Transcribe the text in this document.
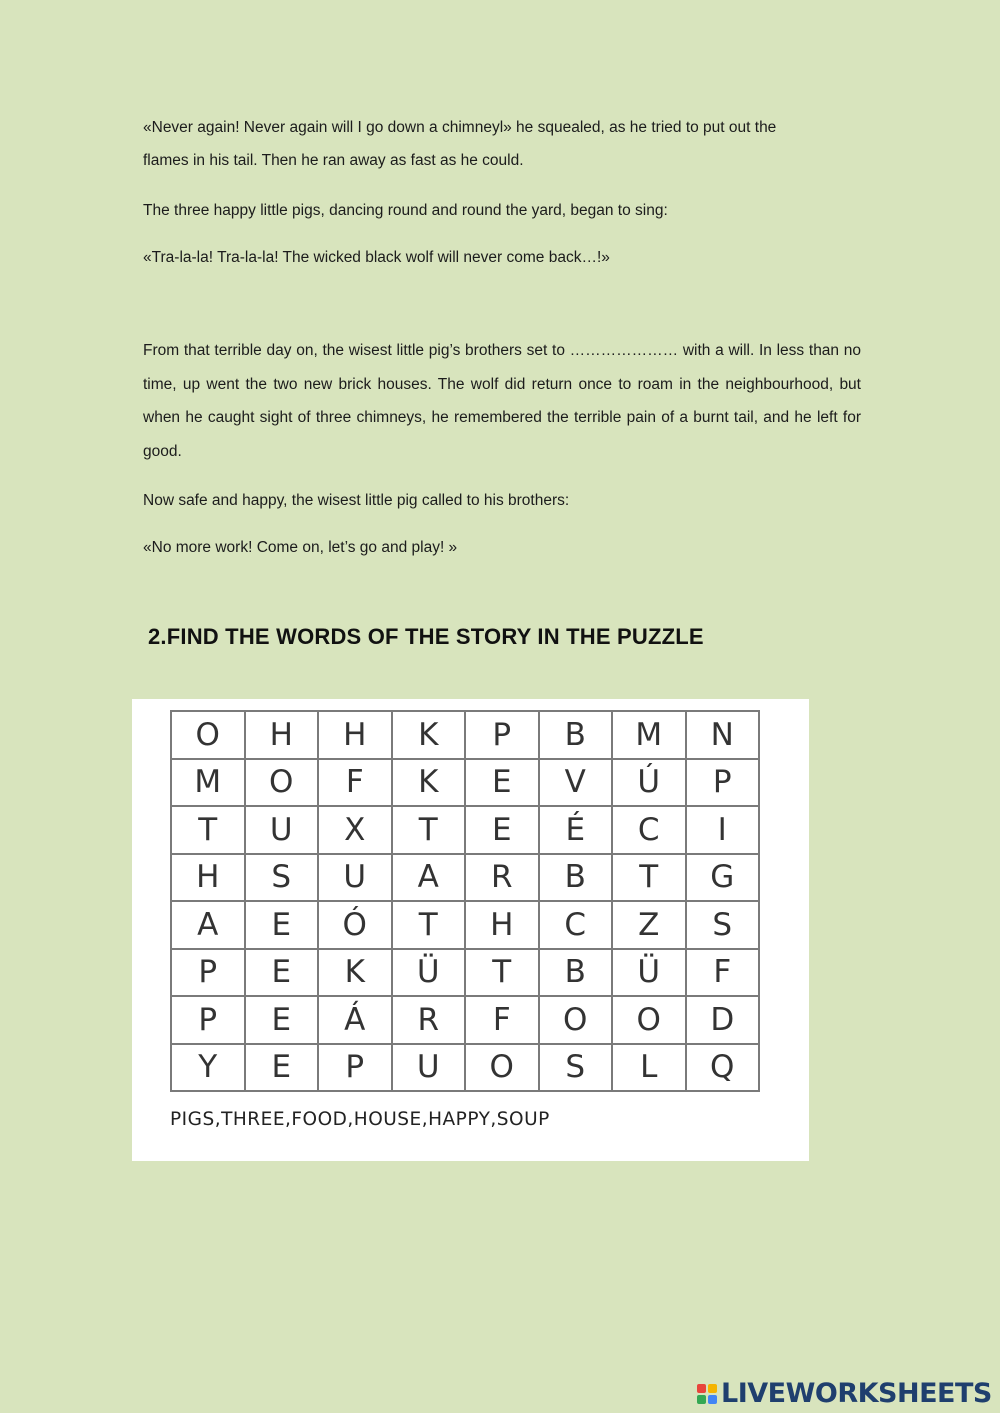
«Never again! Never again will I go down a chimneyl» he squealed, as he tried to put out the

flames in his tail. Then he ran away as fast as he could.

The three happy little pigs, dancing round and round the yard, began to sing:

«Tra-la-la! Tra-la-la! The wicked black wolf will never come back…!»

From that terrible day on, the wisest little pig’s brothers set to ………………… with a will. In less than no time, up went the two new brick houses. The wolf did return once to roam in the neighbourhood, but when he caught sight of three chimneys, he remembered the terrible pain of a burnt tail, and he left for good.

Now safe and happy, the wisest little pig called to his brothers:

«No more work! Come on, let’s go and play! »

2.FIND THE WORDS OF THE STORY IN THE PUZZLE
O	H	H	K	P	B	M	N
M	O	F	K	E	V	Ú	P
T	U	X	T	E	É	C	I
H	S	U	A	R	B	T	G
A	E	Ó	T	H	C	Z	S
P	E	K	Ü	T	B	Ü	F
P	E	Á	R	F	O	O	D
Y	E	P	U	O	S	L	Q
PIGS,THREE,FOOD,HOUSE,HAPPY,SOUP
LIVEWORKSHEETS
